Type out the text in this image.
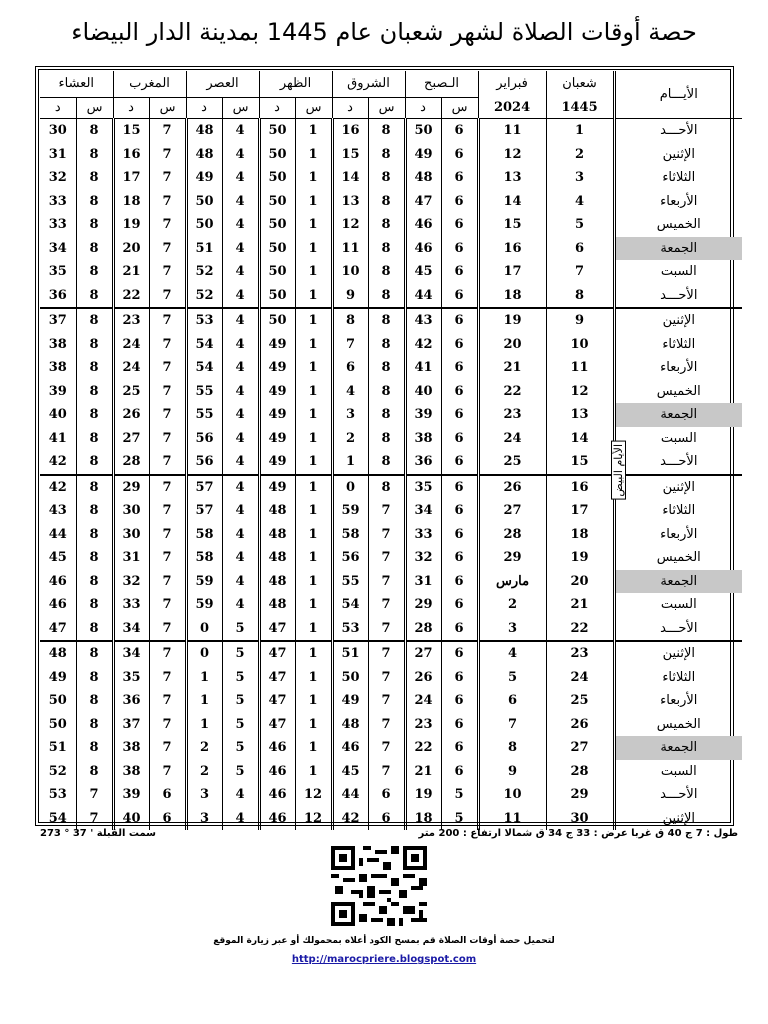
حصة أوقات الصلاة لشهر شعبان عام 1445 بمدينة الدار البيضاء
الأيـــام	شعبان	فبراير	الـصبح		الشروق		الظهر		العصر		المغرب		العشاء	
	1445	2024	س	د	س	د	س	د	س	د	س	د	س	د
الأحـــد	1	11	6	50	8	16	1	50	4	48	7	15	8	30
الإثنين	2	12	6	49	8	15	1	50	4	48	7	16	8	31
الثلاثاء	3	13	6	48	8	14	1	50	4	49	7	17	8	32
الأربعاء	4	14	6	47	8	13	1	50	4	50	7	18	8	33
الخميس	5	15	6	46	8	12	1	50	4	50	7	19	8	33
الجمعة	6	16	6	46	8	11	1	50	4	51	7	20	8	34
السبت	7	17	6	45	8	10	1	50	4	52	7	21	8	35
الأحـــد	8	18	6	44	8	9	1	50	4	52	7	22	8	36
الإثنين	9	19	6	43	8	8	1	50	4	53	7	23	8	37
الثلاثاء	10	20	6	42	8	7	1	49	4	54	7	24	8	38
الأربعاء	11	21	6	41	8	6	1	49	4	54	7	24	8	38
الخميس	12	22	6	40	8	4	1	49	4	55	7	25	8	39
الجمعة	13	23	6	39	8	3	1	49	4	55	7	26	8	40
السبت	14	24	6	38	8	2	1	49	4	56	7	27	8	41
الأحـــد	15	25	6	36	8	1	1	49	4	56	7	28	8	42
الإثنين	16	26	6	35	8	0	1	49	4	57	7	29	8	42
الثلاثاء	17	27	6	34	7	59	1	48	4	57	7	30	8	43
الأربعاء	18	28	6	33	7	58	1	48	4	58	7	30	8	44
الخميس	19	29	6	32	7	56	1	48	4	58	7	31	8	45
الجمعة	20	مارس	6	31	7	55	1	48	4	59	7	32	8	46
السبت	21	2	6	29	7	54	1	48	4	59	7	33	8	46
الأحـــد	22	3	6	28	7	53	1	47	5	0	7	34	8	47
الإثنين	23	4	6	27	7	51	1	47	5	0	7	34	8	48
الثلاثاء	24	5	6	26	7	50	1	47	5	1	7	35	8	49
الأربعاء	25	6	6	24	7	49	1	47	5	1	7	36	8	50
الخميس	26	7	6	23	7	48	1	47	5	1	7	37	8	50
الجمعة	27	8	6	22	7	46	1	46	5	2	7	38	8	51
السبت	28	9	6	21	7	45	1	46	5	2	7	38	8	52
الأحـــد	29	10	5	19	6	44	12	46	4	3	6	39	7	53
الإثنين	30	11	5	18	6	42	12	46	4	3	6	40	7	54
الأيام البيض
طول : 7 ج 40 ق غربا عرض : 33 ج 34 ق شمالا ارتفاع : 200 متر
سمت القبلة ' 37 ° 273
لتحميل حصة أوقات الصلاة قم بمسح الكود أعلاه بمحمولك أو عبر زيارة الموقع
http://marocpriere.blogspot.com
